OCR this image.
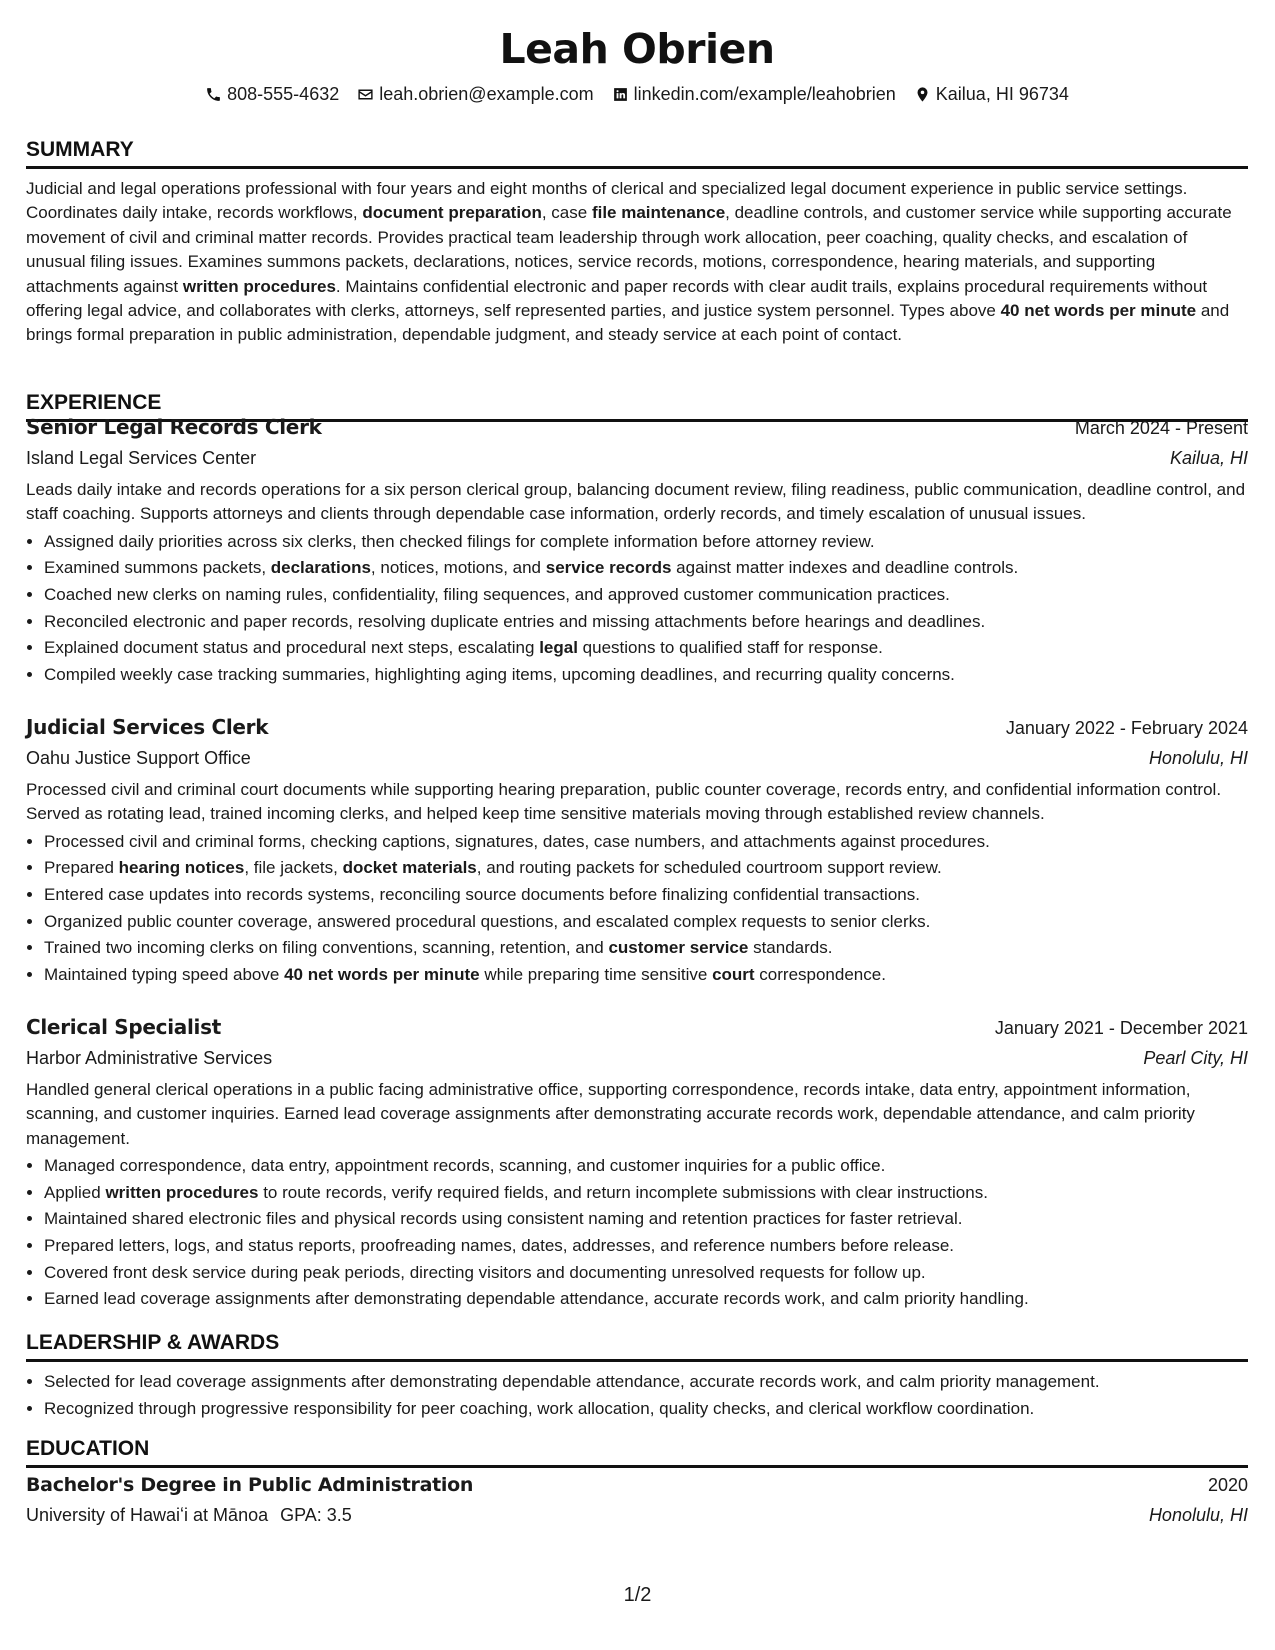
Leah Obrien
808-555-4632 leah.obrien@example.com linkedin.com/example/leahobrien Kailua, HI 96734
SUMMARY

Judicial and legal operations professional with four years and eight months of clerical and specialized legal document experience in public service settings. Coordinates daily intake, records workflows, document preparation, case file maintenance, deadline controls, and customer service while supporting accurate movement of civil and criminal matter records. Provides practical team leadership through work allocation, peer coaching, quality checks, and escalation of unusual filing issues. Examines summons packets, declarations, notices, service records, motions, correspondence, hearing materials, and supporting attachments against written procedures. Maintains confidential electronic and paper records with clear audit trails, explains procedural requirements without offering legal advice, and collaborates with clerks, attorneys, self represented parties, and justice system personnel. Types above 40 net words per minute and brings formal preparation in public administration, dependable judgment, and steady service at each point of contact.

EXPERIENCE
Senior Legal Records Clerk	March 2024 - Present
Island Legal Services Center	Kailua, HI

Leads daily intake and records operations for a six person clerical group, balancing document review, filing readiness, public communication, deadline control, and staff coaching. Supports attorneys and clients through dependable case information, orderly records, and timely escalation of unusual issues.

• Assigned daily priorities across six clerks, then checked filings for complete information before attorney review.
• Examined summons packets, declarations, notices, motions, and service records against matter indexes and deadline controls.
• Coached new clerks on naming rules, confidentiality, filing sequences, and approved customer communication practices.
• Reconciled electronic and paper records, resolving duplicate entries and missing attachments before hearings and deadlines.
• Explained document status and procedural next steps, escalating legal questions to qualified staff for response.
• Compiled weekly case tracking summaries, highlighting aging items, upcoming deadlines, and recurring quality concerns.
Judicial Services Clerk	January 2022 - February 2024
Oahu Justice Support Office	Honolulu, HI

Processed civil and criminal court documents while supporting hearing preparation, public counter coverage, records entry, and confidential information control. Served as rotating lead, trained incoming clerks, and helped keep time sensitive materials moving through established review channels.

• Processed civil and criminal forms, checking captions, signatures, dates, case numbers, and attachments against procedures.
• Prepared hearing notices, file jackets, docket materials, and routing packets for scheduled courtroom support review.
• Entered case updates into records systems, reconciling source documents before finalizing confidential transactions.
• Organized public counter coverage, answered procedural questions, and escalated complex requests to senior clerks.
• Trained two incoming clerks on filing conventions, scanning, retention, and customer service standards.
• Maintained typing speed above 40 net words per minute while preparing time sensitive court correspondence.
Clerical Specialist	January 2021 - December 2021
Harbor Administrative Services	Pearl City, HI

Handled general clerical operations in a public facing administrative office, supporting correspondence, records intake, data entry, appointment information, scanning, and customer inquiries. Earned lead coverage assignments after demonstrating accurate records work, dependable attendance, and calm priority management.

• Managed correspondence, data entry, appointment records, scanning, and customer inquiries for a public office.
• Applied written procedures to route records, verify required fields, and return incomplete submissions with clear instructions.
• Maintained shared electronic files and physical records using consistent naming and retention practices for faster retrieval.
• Prepared letters, logs, and status reports, proofreading names, dates, addresses, and reference numbers before release.
• Covered front desk service during peak periods, directing visitors and documenting unresolved requests for follow up.
• Earned lead coverage assignments after demonstrating dependable attendance, accurate records work, and calm priority handling.
LEADERSHIP & AWARDS
• Selected for lead coverage assignments after demonstrating dependable attendance, accurate records work, and calm priority management.
• Recognized through progressive responsibility for peer coaching, work allocation, quality checks, and clerical workflow coordination.
EDUCATION
Bachelor's Degree in Public Administration	2020
University of Hawaiʻi at Mānoa GPA: 3.5	Honolulu, HI
1/2
